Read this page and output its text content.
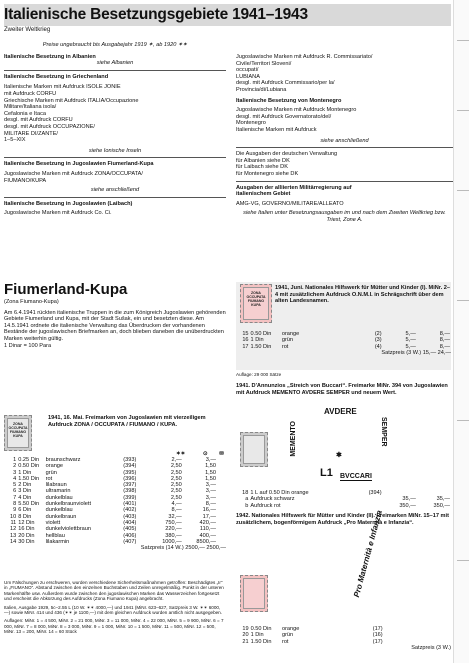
Italienische Besetzungsgebiete 1941–1943
Zweiter Weltkrieg
Preise ungebraucht bis Ausgabejahr 1919 ✶, ab 1920 ✶✶
Italienische Besetzung in Albanien
siehe Albanien
Italienische Besetzung in Griechenland
Italienische Marken mit Aufdruck ISOLE JONIE
mit Aufdruck CORFU
Griechische Marken mit Aufdruck ITALIA/Occupazione
Militare/Italiana isola/
Cefalonia e Itaca
desgl. mit Aufdruck CORFU
desgl. mit Aufdruck OCCUPAZIONE/
MILITARE DI/ZANTE/
1–5–XIX
siehe Ionische Inseln
Italienische Besetzung in Jugoslawien Fiumerland-Kupa
Jugoslawische Marken mit Aufdruck ZONA/OCCUPATA/
FIUMANO/KUPA
siehe anschließend
Italienische Besetzung in Jugoslawien (Laibach)
Jugoslawische Marken mit Aufdruck Co. Ci.
Jugoslawische Marken mit Aufdruck R. Commissariato/
Civile/Territori Sloveni/
occupati/
LUBIANA
desgl. mit Aufdruck Commissario/per la/
Provincia/di/Lubiana
Italienische Besetzung von Montenegro
Jugoslawische Marken mit Aufdruck Montenegro
desgl. mit Aufdruck Governatorato/del/
Montenegro
Italienische Marken mit Aufdruck
siehe anschließend
Die Ausgaben der deutschen Verwaltung
für Albanien siehe DK
für Laibach siehe DK
für Montenegro siehe DK
Ausgaben der alliierten Militärregierung auf
italienischem Gebiet
AMG-VG, GOVERNO/MILITARE/ALLEATO
siehe Italien unter Besetzungsausgaben im und nach dem Zweiten Weltkrieg bzw. Triest, Zone A.
Fiumerland-Kupa
(Zona Fiumano-Kupa)
Am 6.4.1941 rückten italienische Truppen in die zum Königreich Jugoslawien gehörenden Gebiete Fiumerland und Kupa, mit der Stadt Sušak, ein und besetzten diese. Am 14.5.1941 ordnete die italienische Verwaltung das Überdrucken der vorhandenen Bestände der jugoslawischen Briefmarken an, doch blieben daneben die unüberdruckten Marken weiterhin gültig.
1 Dinar = 100 Para
ZONA OCCUPATA FIUMANO KUPA
1941, 16. Mai. Freimarken von Jugoslawien mit vierzeiligem Aufdruck ZONA / OCCUPATA / FIUMANO / KUPA.
✶✶	⊙ ✉
1	0.25 Din	braunschwarz	(393)	2,—	3,—	
2	0.50 Din	orange	(394)	2,50	1,50	
3	1 Din	grün	(395)	2,50	1,50	
4	1.50 Din	rot	(396)	2,50	1,50	
5	2 Din	lilabraun	(397)	2,50	3,—	
6	3 Din	ultramarin	(398)	2,50	3,—	
7	4 Din	dunkelblau	(399)	2,50	3,—	
8	5.50 Din	dunkelbraunviolett	(401)	4,—	8,—	
9	6 Din	dunkelblau	(402)	8,—	16,—	
10	8 Din	dunkelbraun	(403)	32,—	17,—	
11	12 Din	violett	(404)	750,—	420,—	
12	16 Din	dunkelviolettbraun	(405)	220,—	110,—	
13	20 Din	hellblau	(406)	380,—	400,—	
14	30 Din	lilakarmin	(407)	1000,—	8500,—	
Satzpreis (14 W.) 2500,— 2500,—
Um Fälschungen zu erschweren, wurden verschiedene Sicherheitsmaßnahmen getroffen: Beschädigtes „Ir“ in „FIUMANO“. Abstand zwischen den einzelnen Buchstaben und Zeilen unregelmäßig. Punkt in der unteren Markenhälfte usw. Außerdem wurde zwischen den jugoslawischen Marken das Wasserzeichen fortgesetzt und erscheint die Abkürzung des Aufdrucks (Zona Fiumano Kupa) angebracht.
Italien, Ausgabe 1929, 5c–2.55 L (10 W. ✶✶ 4000,—) und 1941 (MiNr. 623–627, Satzpreis 3 W. ✶✶ 6000,—) sowie MiNr. 414 und 436 (✶✶ je 1100,—) mit dem gleichen Aufdruck wurden amtlich nicht ausgegeben.
Auflagen: MiNr. 1 = 4 500, MiNr. 2 = 21 000, MiNr. 3 = 11 000, MiNr. 4 = 22 000, MiNr. 5 = 9 900, MiNr. 6 = 7 000, MiNr. 7 = 8 000, MiNr. 8 = 3 000, MiNr. 9 = 1 000, MiNr. 10 = 1 500, MiNr. 11 = 500, MiNr. 12 = 500, MiNr. 13 = 200, MiNr. 14 = 60 Stück
ZONA OCCUPATA FIUMANO KUPA
1941, Juni. Nationales Hilfswerk für Mütter und Kinder (I). MiNr. 2–4 mit zusätzlichem Aufdruck O.N.M.I. in Schrägschrift über dem alten Landesnamen.
15	0.50 Din	orange	(2)	5,—	8,—
16	1 Din	grün	(3)	5,—	8,—
17	1.50 Din	rot	(4)	5,—	8,—
Satzpreis (3 W.) 15,— 24,—
Auflage: 29 000 Sätze
1941. D'Annunzios „Streich von Buccari“. Freimarke MiNr. 394 von Jugoslawien mit Aufdruck MEMENTO AVDERE SEMPER und neuem Wert.
AVDERE
MEMENTO	SEMPER
✱
L1 BVCCARI
18	1 L auf 0.50 Din orange	(394)		
a	Aufdruck schwarz		35,—	35,—
b	Aufdruck rot		350,—	350,—
1942. Nationales Hilfswerk für Mütter und Kinder (II). Freimarken MiNr. 15–17 mit zusätzlichem, bogenförmigem Aufdruck „Pro Maternità e Infanzia“.
Pro Maternità e Infanzia
19	0.50 Din	orange	(17)		
20	1 Din	grün	(16)		
21	1.50 Din	rot	(17)		
Satzpreis (3 W.)
